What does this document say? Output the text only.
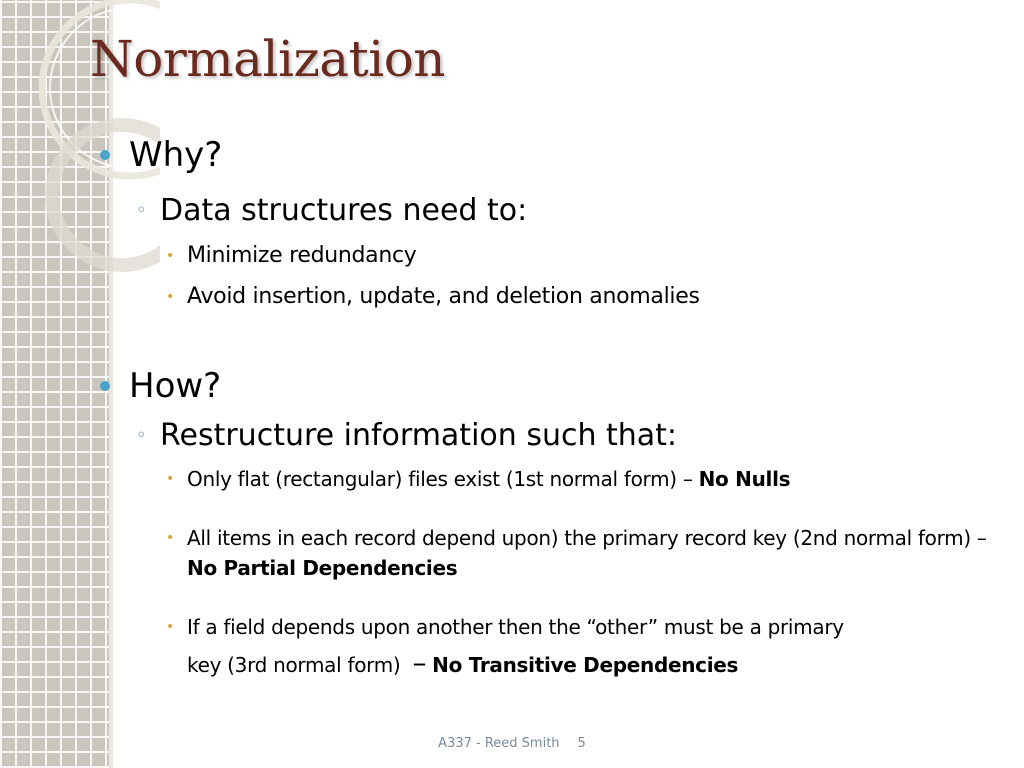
Normalization
Why?
◦ Data structures need to:
• Minimize redundancy
• Avoid insertion, update, and deletion anomalies
How?
◦ Restructure information such that:
• Only flat (rectangular) files exist (1st normal form) – No Nulls
• All items in each record depend upon) the primary record key (2nd normal form) – No Partial Dependencies
• If a field depends upon another then the “other” must be a primary
key (3rd normal form) – No Transitive Dependencies
A337 - Reed Smith 5
